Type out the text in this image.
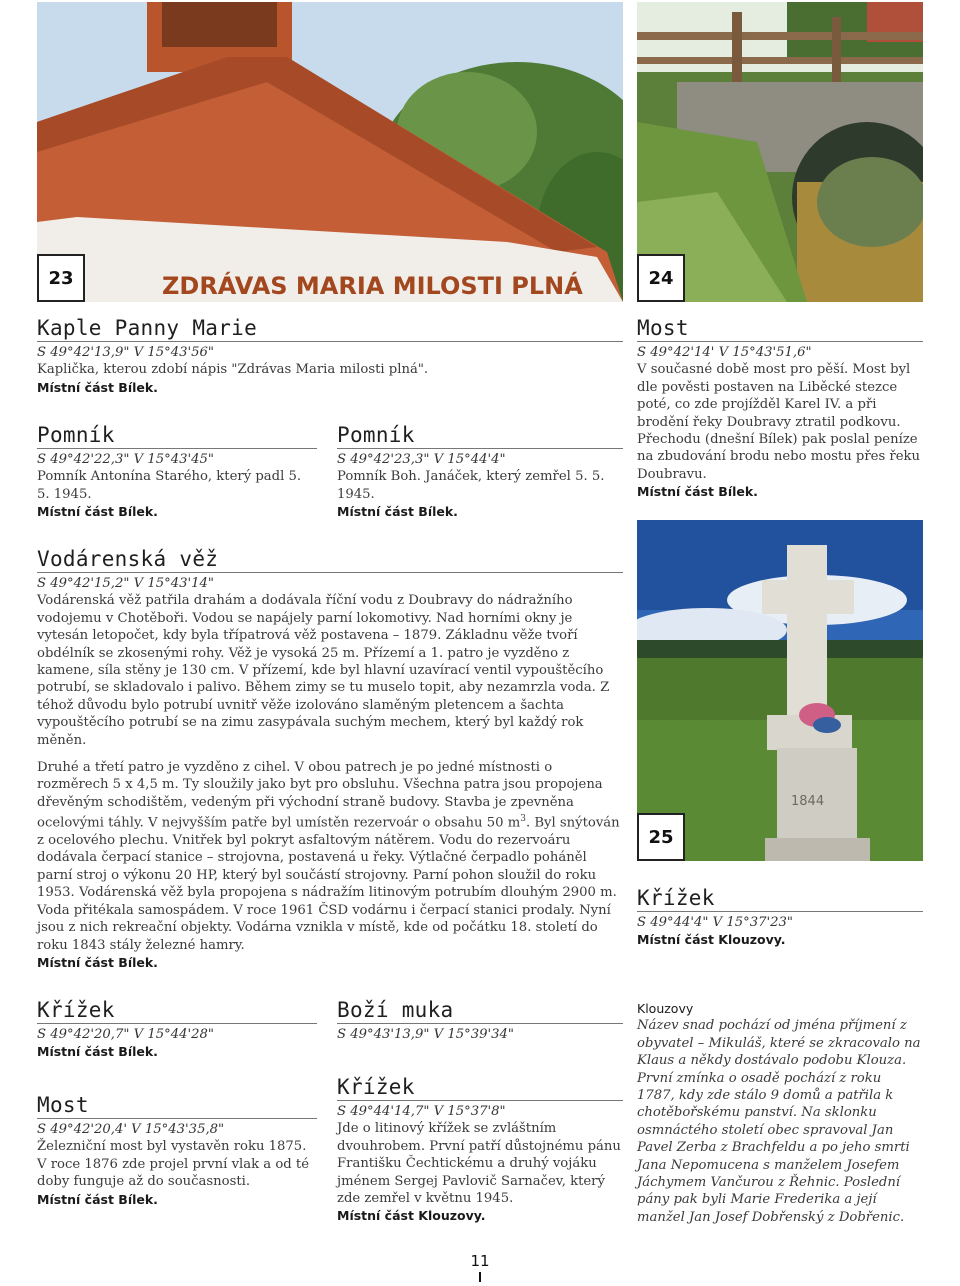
ZDRÁVAS MARIA MILOSTI PLNÁ
23	24
1844
25
Kaple Panny Marie

S 49°42'13,9" V 15°43'56"

Kaplička, kterou zdobí nápis "Zdrávas Maria milosti plná".

Místní část Bílek.

Pomník

S 49°42'22,3" V 15°43'45"

Pomník Antonína Starého, který padl 5. 5. 1945.

Místní část Bílek.

Pomník

S 49°42'23,3" V 15°44'4"

Pomník Boh. Janáček, který zemřel 5. 5. 1945.

Místní část Bílek.

Most

S 49°42'14' V 15°43'51,6"

V současné době most pro pěší. Most byl dle pověsti postaven na Liběcké stezce poté, co zde projížděl Karel IV. a při brodění řeky Doubravy ztratil podkovu. Přechodu (dnešní Bílek) pak poslal peníze na zbudování brodu nebo mostu přes řeku Doubravu.

Místní část Bílek.

Vodárenská věž

S 49°42'15,2" V 15°43'14"

Vodárenská věž patřila drahám a dodávala říční vodu z Doubravy do nádražního vodojemu v Chotěboři. Vodou se napájely parní lokomotivy. Nad horními okny je vytesán letopočet, kdy byla třípatrová věž postavena – 1879. Základnu věže tvoří obdélník se zkosenými rohy. Věž je vysoká 25 m. Přízemí a 1. patro je vyzděno z kamene, síla stěny je 130 cm. V přízemí, kde byl hlavní uzavírací ventil vypouštěcího potrubí, se skladovalo i palivo. Během zimy se tu muselo topit, aby nezamrzla voda. Z téhož důvodu bylo potrubí uvnitř věže izolováno slaměným pletencem a šachta vypouštěcího potrubí se na zimu zasypávala suchým mechem, který byl každý rok měněn.

Druhé a třetí patro je vyzděno z cihel. V obou patrech je po jedné místnosti o rozměrech 5 x 4,5 m. Ty sloužily jako byt pro obsluhu. Všechna patra jsou propojena dřevěným schodištěm, vedeným při východní straně budovy. Stavba je zpevněna ocelovými táhly. V nejvyšším patře byl umístěn rezervoár o obsahu 50 $m^3$. Byl snýtován z ocelového plechu. Vnitřek byl pokryt asfaltovým nátěrem. Vodu do rezervoáru dodávala čerpací stanice – strojovna, postavená u řeky. Výtlačné čerpadlo poháněl parní stroj o výkonu 20 HP, který byl součástí strojovny. Parní pohon sloužil do roku 1953. Vodárenská věž byla propojena s nádražím litinovým potrubím dlouhým 2900 m. Voda přitékala samospádem. V roce 1961 ČSD vodárnu i čerpací stanici prodaly. Nyní jsou z nich rekreační objekty. Vodárna vznikla v místě, kde od počátku 18. století do roku 1843 stály železné hamry.

Místní část Bílek.

Křížek

S 49°44'4" V 15°37'23"

Místní část Klouzovy.

Křížek

S 49°42'20,7" V 15°44'28"

Místní část Bílek.

Most

S 49°42'20,4' V 15°43'35,8"

Železniční most byl vystavěn roku 1875. V roce 1876 zde projel první vlak a od té doby funguje až do současnosti.

Místní část Bílek.

Boží muka

S 49°43'13,9" V 15°39'34"

Křížek

S 49°44'14,7" V 15°37'8"

Jde o litinový křížek se zvláštním dvouhrobem. První patří důstojnému pánu Františku Čechtickému a druhý vojáku jménem Sergej Pavlovič Sarnačev, který zde zemřel v květnu 1945.

Místní část Klouzovy.

Klouzovy

Název snad pochází od jména příjmení z obyvatel – Mikuláš, které se zkracovalo na Klaus a někdy dostávalo podobu Klouza. První zmínka o osadě pochází z roku 1787, kdy zde stálo 9 domů a patřila k chotěbořskému panství. Na sklonku osmnáctého století obec spravoval Jan Pavel Zerba z Brachfeldu a po jeho smrti Jana Nepomucena s manželem Josefem Jáchymem Vančurou z Řehnic. Poslední pány pak byli Marie Frederika a její manžel Jan Josef Dobřenský z Dobřenic.

11
